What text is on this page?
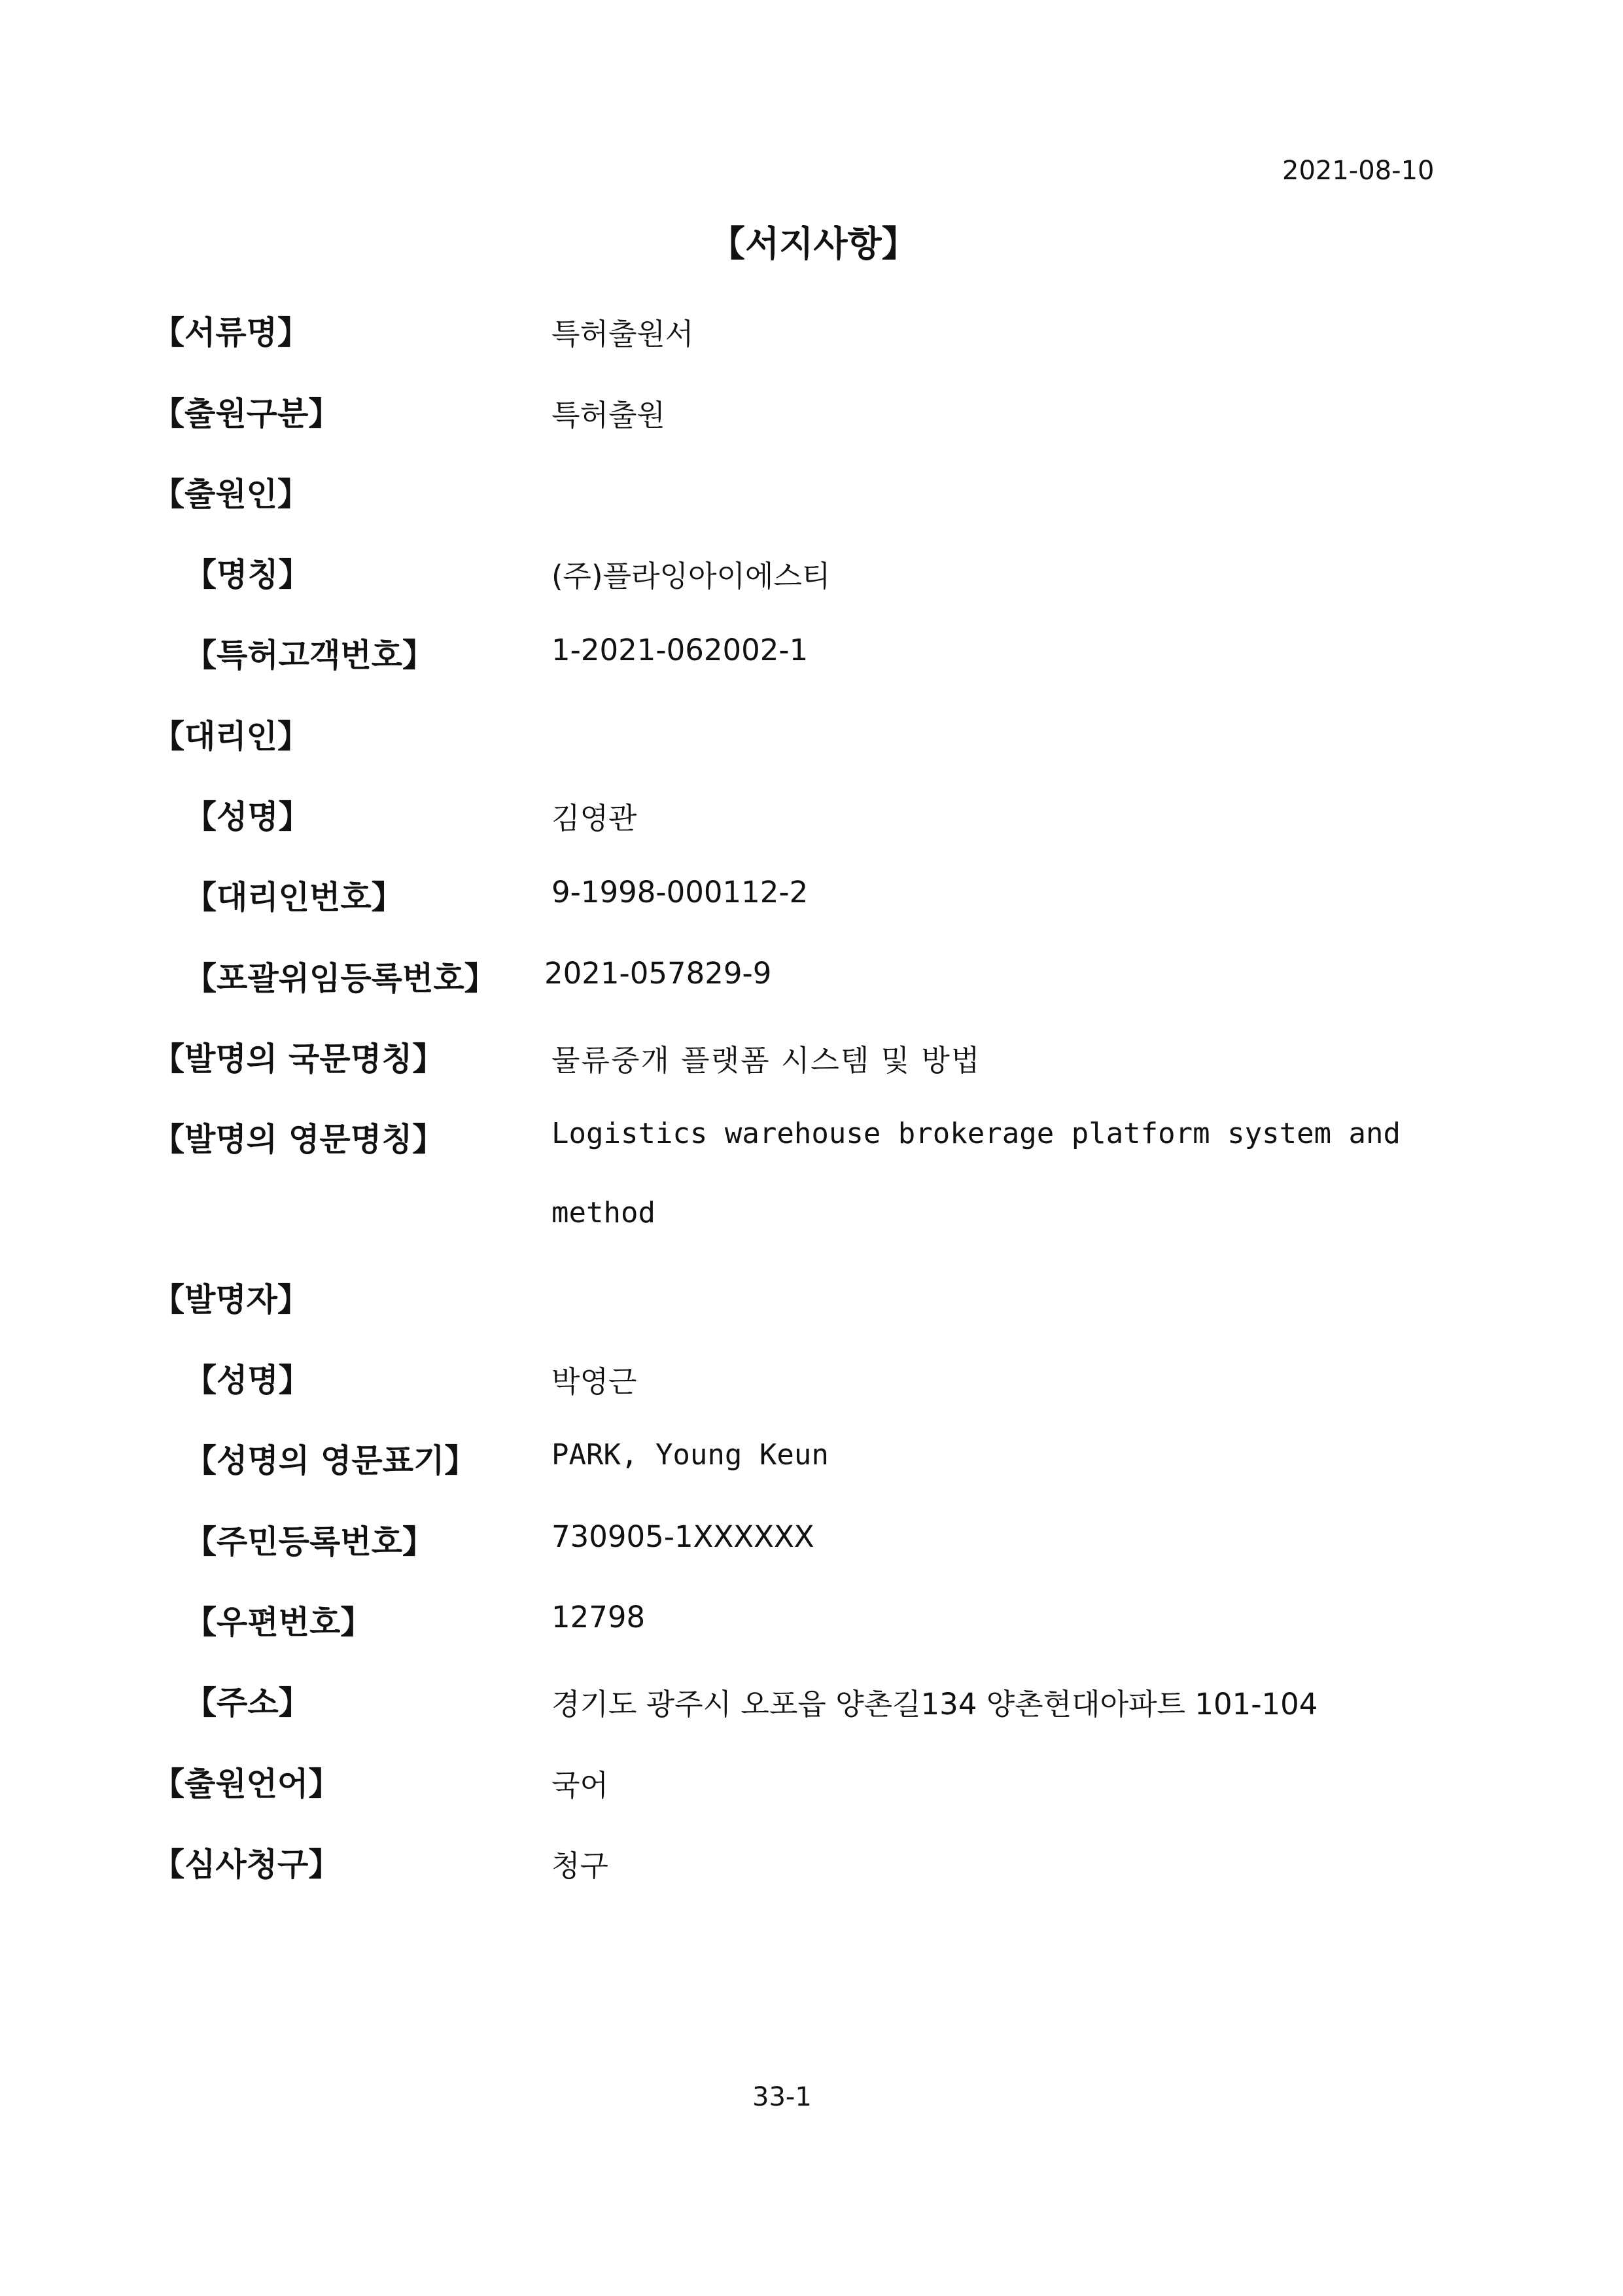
2021-08-10
【서지사항】
【서류명】	특허출원서
【출원구분】	특허출원
【출원인】
【명칭】	(주)플라잉아이에스티
【특허고객번호】	1-2021-062002-1
【대리인】
【성명】	김영관
【대리인번호】	9-1998-000112-2
【포괄위임등록번호】 2021-057829-9
【발명의 국문명칭】	물류중개 플랫폼 시스템 및 방법
【발명의 영문명칭】	Logistics warehouse brokerage platform system and
method
【발명자】
【성명】	박영근
【성명의 영문표기】	PARK, Young Keun
【주민등록번호】	730905-1XXXXXX
【우편번호】	12798
【주소】	경기도 광주시 오포읍 양촌길134 양촌현대아파트 101-104
【출원언어】	국어
【심사청구】	청구
33-1
